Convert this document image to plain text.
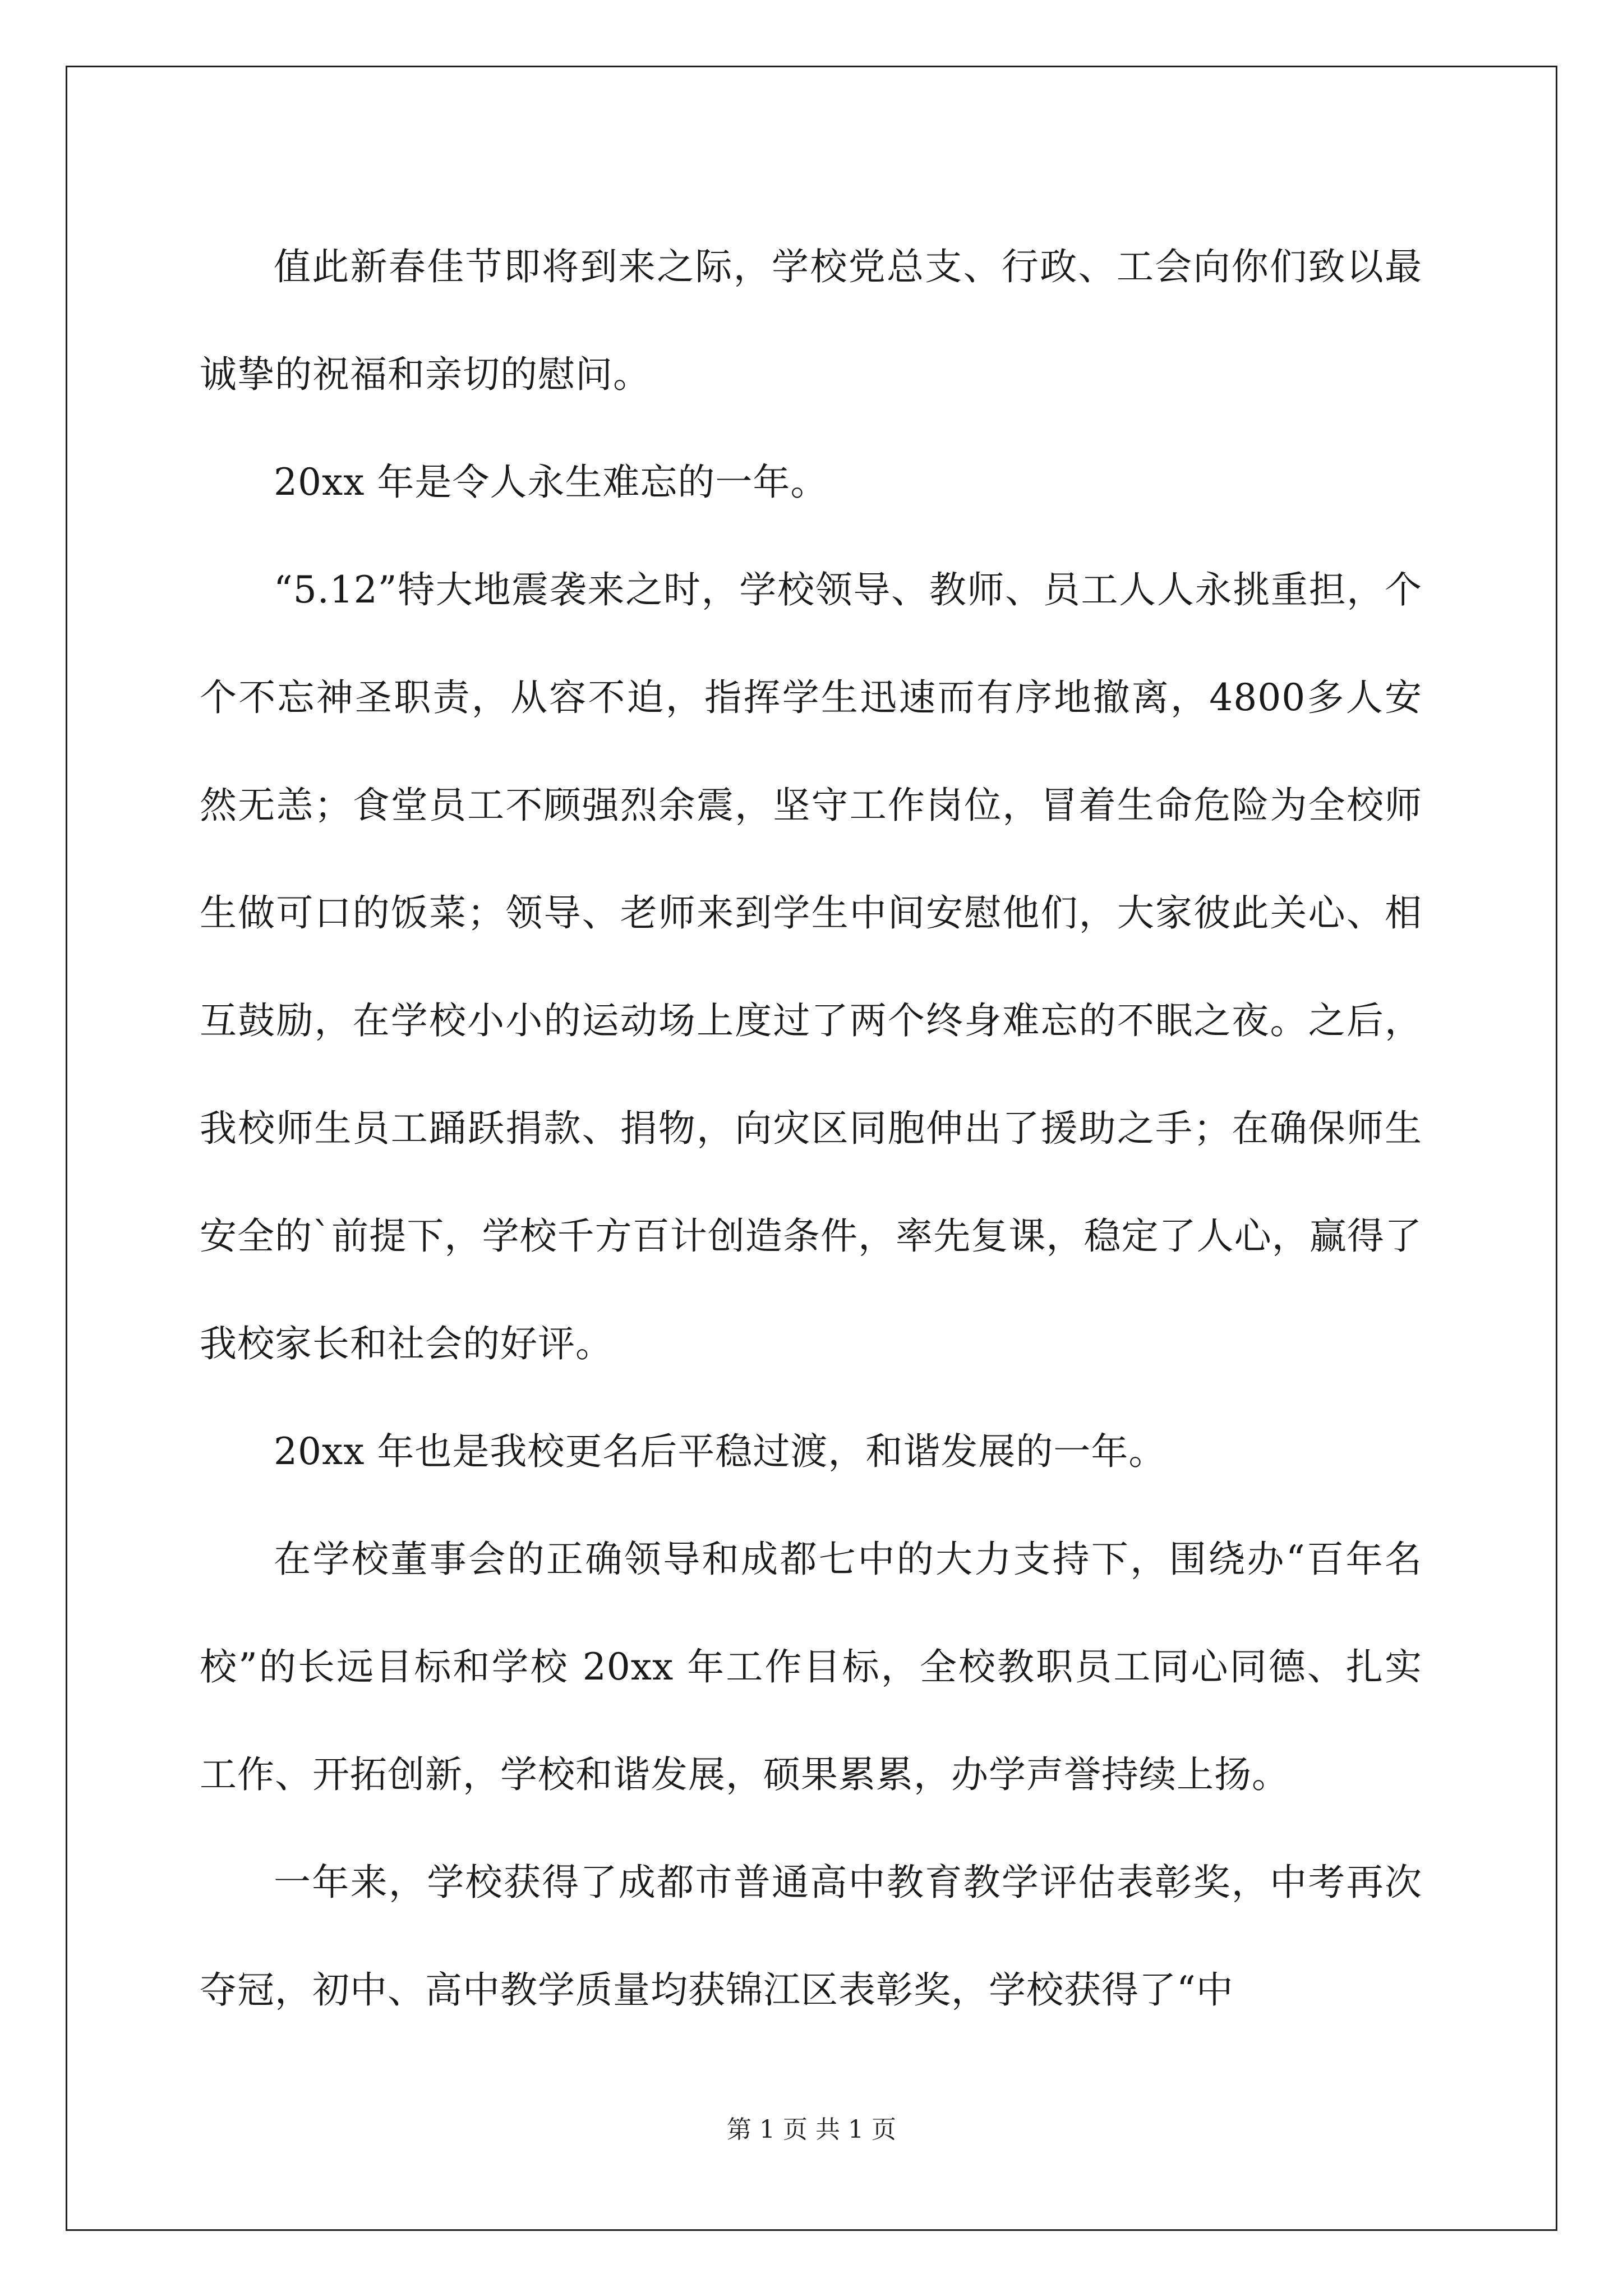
值此新春佳节即将到来之际，学校党总支、行政、工会向你们致以最诚挚的祝福和亲切的慰问。

20xx 年是令人永生难忘的一年。

“5.12”特大地震袭来之时，学校领导、教师、员工人人永挑重担，个个不忘神圣职责，从容不迫，指挥学生迅速而有序地撤离，4800多人安然无恙；食堂员工不顾强烈余震，坚守工作岗位，冒着生命危险为全校师生做可口的饭菜；领导、老师来到学生中间安慰他们，大家彼此关心、相互鼓励，在学校小小的运动场上度过了两个终身难忘的不眠之夜。之后，我校师生员工踊跃捐款、捐物，向灾区同胞伸出了援助之手；在确保师生安全的`前提下，学校千方百计创造条件，率先复课，稳定了人心，赢得了我校家长和社会的好评。

20xx 年也是我校更名后平稳过渡，和谐发展的一年。

在学校董事会的正确领导和成都七中的大力支持下，围绕办“百年名校”的长远目标和学校 20xx 年工作目标，全校教职员工同心同德、扎实工作、开拓创新，学校和谐发展，硕果累累，办学声誉持续上扬。

一年来，学校获得了成都市普通高中教育教学评估表彰奖，中考再次夺冠，初中、高中教学质量均获锦江区表彰奖，学校获得了“中

第 1 页 共 1 页
